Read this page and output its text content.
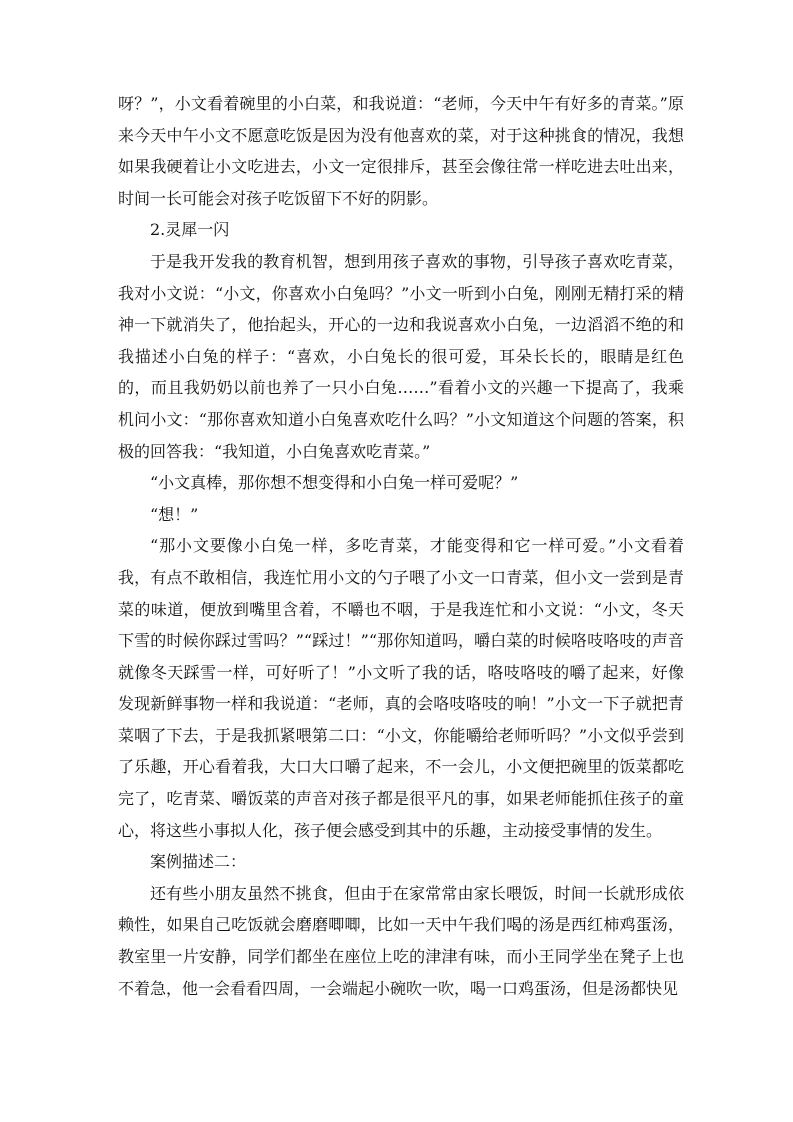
呀？”，小文看着碗里的小白菜，和我说道：“老师，今天中午有好多的青菜。”原来今天中午小文不愿意吃饭是因为没有他喜欢的菜，对于这种挑食的情况，我想如果我硬着让小文吃进去，小文一定很排斥，甚至会像往常一样吃进去吐出来，时间一长可能会对孩子吃饭留下不好的阴影。

2.灵犀一闪

于是我开发我的教育机智，想到用孩子喜欢的事物，引导孩子喜欢吃青菜，我对小文说：“小文，你喜欢小白兔吗？”小文一听到小白兔，刚刚无精打采的精神一下就消失了，他抬起头，开心的一边和我说喜欢小白兔，一边滔滔不绝的和我描述小白兔的样子：“喜欢，小白兔长的很可爱，耳朵长长的，眼睛是红色的，而且我奶奶以前也养了一只小白兔……”看着小文的兴趣一下提高了，我乘机问小文：“那你喜欢知道小白兔喜欢吃什么吗？”小文知道这个问题的答案，积极的回答我：“我知道，小白兔喜欢吃青菜。”

“小文真棒，那你想不想变得和小白兔一样可爱呢？”

“想！”

“那小文要像小白兔一样，多吃青菜，才能变得和它一样可爱。”小文看着我，有点不敢相信，我连忙用小文的勺子喂了小文一口青菜，但小文一尝到是青菜的味道，便放到嘴里含着，不嚼也不咽，于是我连忙和小文说：“小文，冬天下雪的时候你踩过雪吗？”“踩过！”“那你知道吗，嚼白菜的时候咯吱咯吱的声音就像冬天踩雪一样，可好听了！”小文听了我的话，咯吱咯吱的嚼了起来，好像发现新鲜事物一样和我说道：“老师，真的会咯吱咯吱的响！”小文一下子就把青菜咽了下去，于是我抓紧喂第二口：“小文，你能嚼给老师听吗？”小文似乎尝到了乐趣，开心看着我，大口大口嚼了起来，不一会儿，小文便把碗里的饭菜都吃完了，吃青菜、嚼饭菜的声音对孩子都是很平凡的事，如果老师能抓住孩子的童心，将这些小事拟人化，孩子便会感受到其中的乐趣，主动接受事情的发生。

案例描述二：

还有些小朋友虽然不挑食，但由于在家常常由家长喂饭，时间一长就形成依赖性，如果自己吃饭就会磨磨唧唧，比如一天中午我们喝的汤是西红柿鸡蛋汤，教室里一片安静，同学们都坐在座位上吃的津津有味，而小王同学坐在凳子上也不着急，他一会看看四周，一会端起小碗吹一吹，喝一口鸡蛋汤，但是汤都快见
